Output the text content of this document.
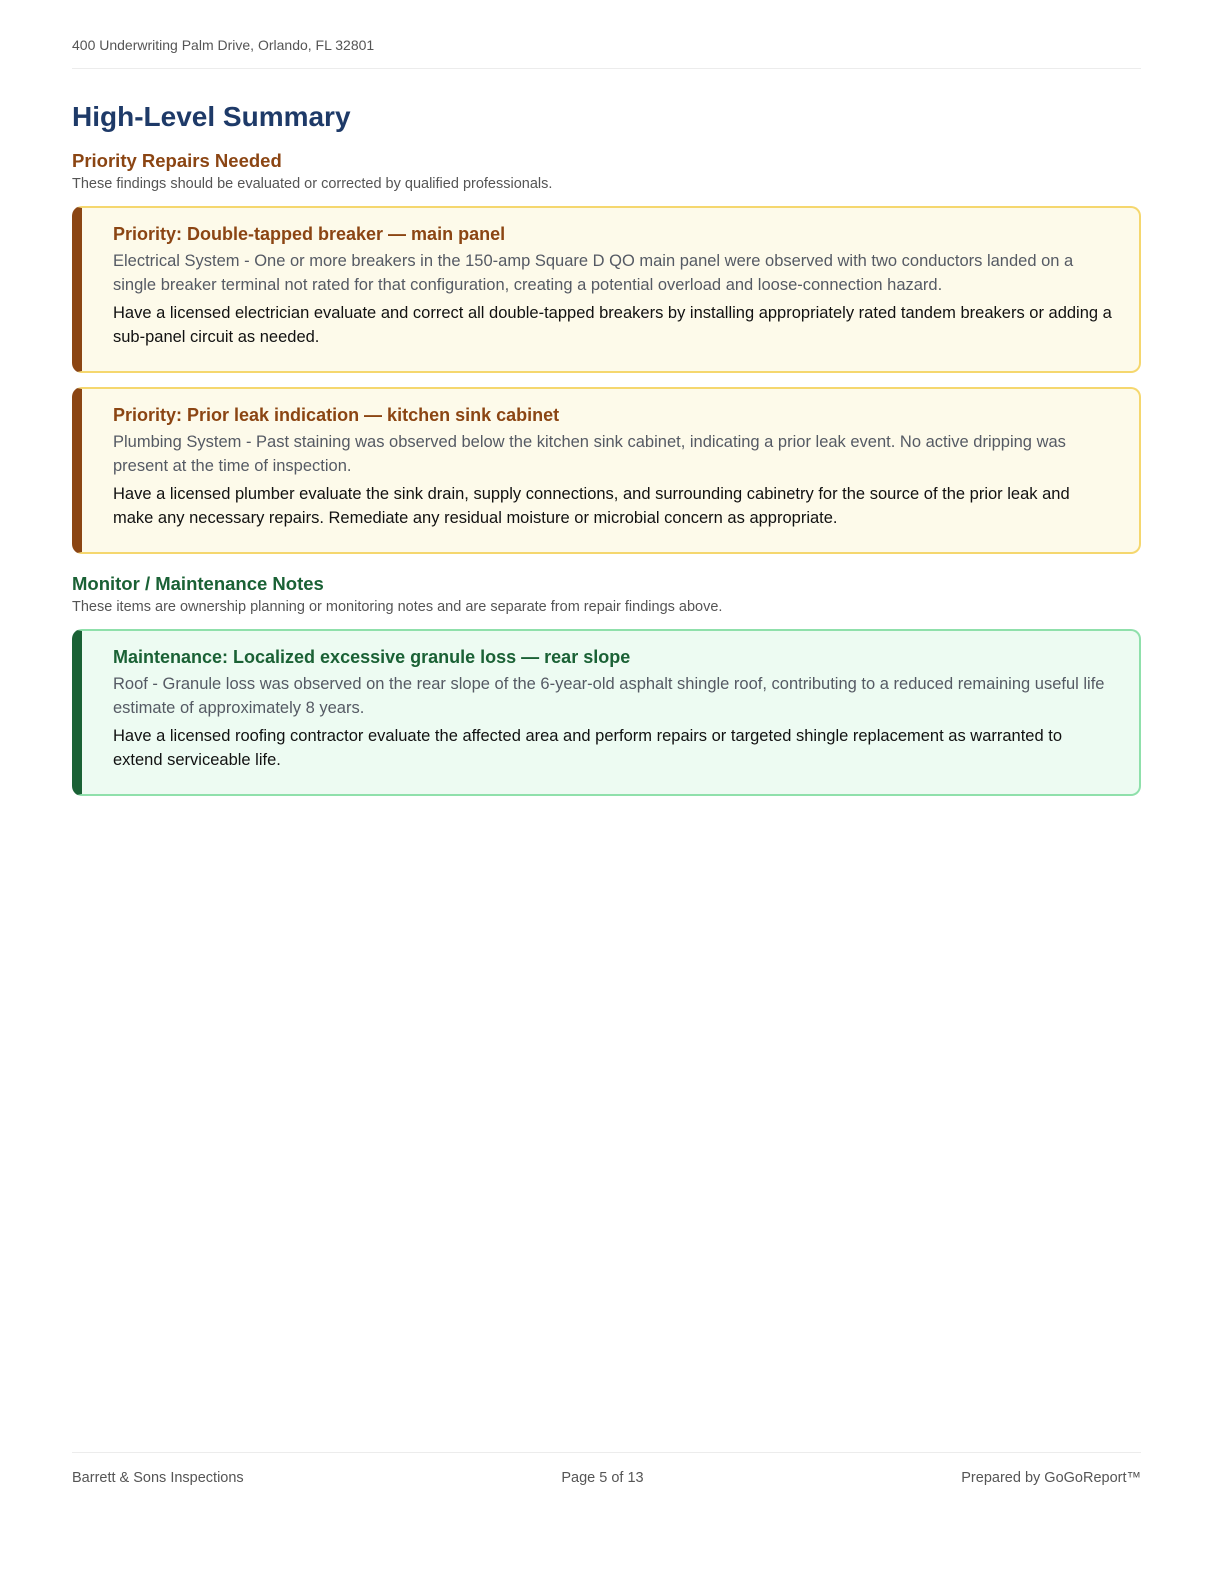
400 Underwriting Palm Drive, Orlando, FL 32801
High-Level Summary
Priority Repairs Needed
These findings should be evaluated or corrected by qualified professionals.
Priority: Double-tapped breaker — main panel
Electrical System - One or more breakers in the 150-amp Square D QO main panel were observed with two conductors landed on a single breaker terminal not rated for that configuration, creating a potential overload and loose-connection hazard.
Have a licensed electrician evaluate and correct all double-tapped breakers by installing appropriately rated tandem breakers or adding a sub-panel circuit as needed.
Priority: Prior leak indication — kitchen sink cabinet
Plumbing System - Past staining was observed below the kitchen sink cabinet, indicating a prior leak event. No active dripping was present at the time of inspection.
Have a licensed plumber evaluate the sink drain, supply connections, and surrounding cabinetry for the source of the prior leak and make any necessary repairs. Remediate any residual moisture or microbial concern as appropriate.
Monitor / Maintenance Notes
These items are ownership planning or monitoring notes and are separate from repair findings above.
Maintenance: Localized excessive granule loss — rear slope
Roof - Granule loss was observed on the rear slope of the 6-year-old asphalt shingle roof, contributing to a reduced remaining useful life estimate of approximately 8 years.
Have a licensed roofing contractor evaluate the affected area and perform repairs or targeted shingle replacement as warranted to extend serviceable life.
Barrett & Sons Inspections	Page 5 of 13	Prepared by GoGoReport™
